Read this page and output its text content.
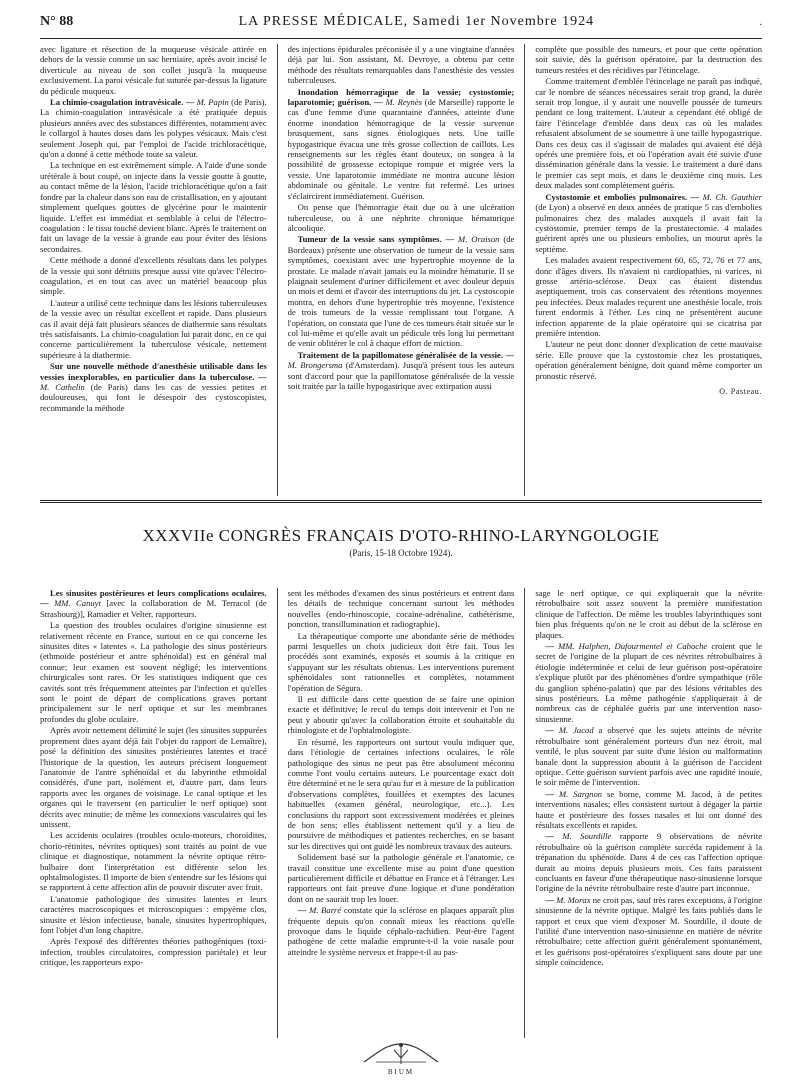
N° 88	LA PRESSE MÉDICALE, Samedi 1er Novembre 1924	.

avec ligature et résection de la muqueuse vésicale attirée en dehors de la vessie comme un sac herniaire, après avoir incisé le diverticule au niveau de son collet jusqu'à la muqueuse exclusivement. La paroi vésicale fut suturée par-dessus la ligature du pédicule muqueux.

La chimio-coagulation intravésicale. — M. Papin (de Paris). La chimio-coagulation intravésicale a été pratiquée depuis plusieurs années avec des substances différentes, notamment avec le collargol à hautes doses dans les polypes vésicaux. Mais c'est seulement Joseph qui, par l'emploi de l'acide trichloracétique, qu'on a donné à cette méthode toute sa valeur.

La technique en est extrêmement simple. A l'aide d'une sonde urétérale à bout coupé, on injecte dans la vessie goutte à goutte, au contact même de la lésion, l'acide trichloracétique qu'on a fait fondre par la chaleur dans son eau de cristallisation, en y ajoutant simplement quelques gouttes de glycérine pour le maintenir liquide. L'effet est immédiat et semblable à celui de l'électro-coagulation : le tissu touché devient blanc. Après le traitement on fait un lavage de la vessie à grande eau pour éviter des lésions secondaires.

Cette méthode a donné d'excellents résultats dans les polypes de la vessie qui sont détruits presque aussi vite qu'avec l'électro-coagulation, et en tout cas avec un matériel beaucoup plus simple.

L'auteur a utilisé cette technique dans les lésions tuberculeuses de la vessie avec un résultat excellent et rapide. Dans plusieurs cas il avait déjà fait plusieurs séances de diathermie sans résultats très satisfaisants. La chimio-coagulation lui parait donc, en ce qui concerne particulièrement la tuberculose vésicale, nettement supérieure à la diathermie.

Sur une nouvelle méthode d'anesthésie utilisable dans les vessies inexplorables, en particulier dans la tuberculose. — M. Cathelin (de Paris) dans les cas de vessies petites et douloureuses, qui font le désespoir des cystoscopistes, recommande la méthode

des injections épidurales préconisée il y a une vingtaine d'années déjà par lui. Son assistant, M. Devroye, a obtenu par cette méthode des résultats remarquables dans l'anesthésie des vessies tuberculeuses.

Inondation hémorragique de la vessie; cystostomie; laparotomie; guérison. — M. Reynès (de Marseille) rapporte le cas d'une femme d'une quarantaine d'années, atteinte d'une énorme inondation hémorragique de la vessie survenue brusquement, sans signes étiologiques nets. Une taille hypogastrique évacua une très grosse collection de caillots. Les renseignements sur les règles étant douteux, on songea à la possibilité de grossesse ectopique rompue et migrée vers la vessie. Une laparotomie immédiate ne montra aucune lésion abdominale ou génitale. Le ventre fut refermé. Les urines s'éclaircirent immédiatement. Guérison.

On pense que l'hémorragie était due ou à une ulcération tuberculeuse, ou à une néphrite chronique hématurique alcoolique.

Tumeur de la vessie sans symptômes. — M. Oraison (de Bordeaux) présente une observation de tumeur de la vessie sans symptômes, coexistant avec une hypertrophie moyenne de la prostate. Le malade n'avait jamais eu la moindre hématurie. Il se plaignait seulement d'uriner difficilement et avec douleur depuis un mois et demi et d'avoir des interruptions du jet. La cystoscopie montra, en dehors d'une hypertrophie très moyenne, l'existence de trois tumeurs de la vessie remplissant tout l'organe. A l'opération, on constata que l'une de ces tumeurs était située sur le col lui-même et qu'elle avait un pédicule très long lui permettant de venir oblitérer le col à chaque effort de miction.

Traitement de la papillomatose généralisée de la vessie. — M. Brongersma (d'Amsterdam). Jusqu'à présent tous les auteurs sont d'accord pour que la papillomatose généralisée de la vessie soit traitée par la taille hypogastrique avec extirpation aussi

complète que possible des tumeurs, et pour que cette opération soit suivie, dès la guérison opératoire, par la destruction des tumeurs restées et des récidives par l'étincelage.

Comme traitement d'emblée l'étincelage ne paraît pas indiqué, car le nombre de séances nécessaires serait trop grand, la durée serait trop longue, il y aurait une nouvelle poussée de tumeurs pendant ce long traitement. L'auteur a cependant été obligé de faire l'étincelage d'emblée dans deux cas où les malades refusaient absolument de se soumettre à une taille hypogastrique. Dans ces deux cas il s'agissait de malades qui avaient été déjà opérés une première fois, et où l'opération avait été suivie d'une dissémination générale dans la vessie. Le traitement a duré dans le premier cas sept mois, et dans le deuxième cinq mois. Les deux malades sont complètement guéris.

Cystostomie et embolies pulmonaires. — M. Ch. Gauthier (de Lyon) a observé en deux années de pratique 5 cas d'embolies pulmonaires chez des malades auxquels il avait fait la cystostomie, premier temps de la prostatectomie. 4 malades guérirent après une ou plusieurs embolies, un mourut après la septième.

Les malades avaient respectivement 60, 65, 72, 76 et 77 ans, donc d'âges divers. Ils n'avaient ni cardiopathies, ni varices, ni grosse artério-sclérose. Deux cas étaient distendus aseptiquement, trois cas conservaient des rétentions moyennes peu infectées. Deux malades reçurent une anesthésie locale, trois furent endormis à l'éther. Les cinq ne présentèrent aucune infection apparente de la plaie opératoire qui se cicatrisa par première intention.

L'auteur ne peut donc donner d'explication de cette mauvaise série. Elle prouve que la cystostomie chez les prostatiques, opération généralement bénigne, doit quand même comporter un pronostic réservé.

O. Pasteau.
XXXVIIe CONGRÈS FRANÇAIS D'OTO-RHINO-LARYNGOLOGIE
(Paris, 15-18 Octobre 1924).

Les sinusites postérieures et leurs complications oculaires. — MM. Canuyt [avec la collaboration de M. Terracol (de Strasbourg)], Ramadier et Velter, rapporteurs.

La question des troubles oculaires d'origine sinusienne est relativement récente en France, surtout en ce qui concerne les sinusites dites « latentes ». La pathologie des sinus postérieurs (ethmoïde postérieur et antre sphénoïdal) est en général mal connue; leur examen est souvent négligé; les interventions chirurgicales sont rares. Or les statistiques indiquent que ces cavités sont très fréquemment atteintes par l'infection et qu'elles sont le point de départ de complications graves portant principalement sur le nerf optique et sur les membranes profondes du globe oculaire.

Après avoir nettement délimité le sujet (les sinusites suppurées proprement dites ayant déjà fait l'objet du rapport de Lemaître), posé la définition des sinusites postérieures latentes et tracé l'historique de la question, les auteurs précisent longuement l'anatomie de l'antre sphénoïdal et du labyrinthe ethmoïdal considérés, d'une part, isolément et, d'autre part, dans leurs rapports avec les organes de voisinage. Le canal optique et les organes qui le traversent (en particulier le nerf optique) sont décrits avec minutie; de même les connexions vasculaires qui les unissent.

Les accidents oculaires (troubles oculo-moteurs, choroïdites, chorio-rétinites, névrites optiques) sont traités au point de vue clinique et diagnostique, notamment la névrite optique rétro-bulbaire dont l'interprétation est différente selon les ophtalmologistes. Il importe de bien s'entendre sur les lésions qui se rapportent à cette affection afin de pouvoir discuter avec fruit.

L'anatomie pathologique des sinusites latentes et leurs caractères macroscopiques et microscopiques : empyème clos, sinusite et lésion infectieuse, banale, sinusites hypertrophiques, font l'objet d'un long chapitre.

Après l'exposé des différentes théories pathogéniques (toxi-infection, troubles circulatoires, compression pariétale) et leur critique, les rapporteurs expo-

sent les méthodes d'examen des sinus postérieurs et entrent dans les détails de technique concernant surtout les méthodes nouvelles (endo-rhinoscopie, cocaïne-adrénaline, cathétérisme, ponction, transillumination et radiographie).

La thérapeutique comporte une abondante série de méthodes parmi lesquelles un choix judicieux doit être fait. Tous les procédés sont examinés, exposés et soumis à la critique en s'appuyant sur les résultats obtenus. Les interventions purement sphénoïdales sont rationnelles et complètes, notamment l'opération de Ségura.

Il est difficile dans cette question de se faire une opinion exacte et définitive; le recul du temps doit intervenir et l'on ne peut y aboutir qu'avec la collaboration étroite et souhaitable du rhinologiste et de l'ophtalmologiste.

En résumé, les rapporteurs ont surtout voulu indiquer que, dans l'étiologie de certaines infections oculaires, le rôle pathologique des sinus ne peut pas être absolument méconnu comme l'ont voulu certains auteurs. Le pourcentage exact doit être déterminé et ne le sera qu'au fur et à mesure de la publication d'observations complètes, fouillées et exemptes des lacunes habituelles (examen général, neurologique, etc...). Les conclusions du rapport sont excessivement modérées et pleines de bon sens; elles établissent nettement qu'il y a lieu de poursuivre de méthodiques et patientes recherches, en se basant sur les directives qui ont guidé les nombreux travaux des auteurs.

Solidement basé sur la pathologie générale et l'anatomie, ce travail constitue une excellente mise au point d'une question particulièrement difficile et débattue en France et à l'étranger. Les rapporteurs ont fait preuve d'une logique et d'une pondération dont on ne saurait trop les louer.

— M. Barré constate que la sclérose en plaques apparaît plus fréquente depuis qu'on connaît mieux les réactions qu'elle provoque dans le liquide céphalo-rachidien. Peut-être l'agent pathogène de cette maladie emprunte-t-il la voie nasale pour atteindre le système nerveux et frappe-t-il au pas-

sage le nerf optique, ce qui expliquerait que la névrite rétrobulbaire soit assez souvent la première manifestation clinique de l'affection. De même les troubles labyrinthiques sont bien plus fréquents qu'on ne le croit au début de la sclérose en plaques.

— MM. Halphen, Dufourmentel et Caboche croient que le secret de l'origine de la plupart de ces névrites rétrobulbaires à étiologie indéterminée et celui de leur guérison post-opératoire s'explique plutôt par des phénomènes d'ordre sympathique (rôle du ganglion sphéno-palatin) que par des lésions véritables des sinus postérieurs. La même pathogénie s'appliquerait à de nombreux cas de céphalée guéris par une intervention naso-sinusienne.

— M. Jacod a observé que les sujets atteints de névrite rétrobulbaire sont généralement porteurs d'un nez étroit, mal ventilé, le plus souvent par suite d'une lésion ou malformation banale dont la suppression aboutit à la guérison de l'accident optique. Cette guérison survient parfois avec une rapidité inouïe, le soir même de l'intervention.

— M. Sargnon se borne, comme M. Jacod, à de petites interventions nasales; elles consistent surtout à dégager la partie haute et postérieure des fosses nasales et lui ont donné des résultats excellents et rapides.

— M. Sourdille rapporte 9 observations de névrite rétrobulbaire où la guérison complète succéda rapidement à la trépanation du sphénoïde. Dans 4 de ces cas l'affection optique durait au moins depuis plusieurs mois. Ces faits paraissent concluants en faveur d'une thérapeutique naso-sinusienne lorsque l'origine de la névrite rétrobulbaire reste d'autre part inconnue.

— M. Morax ne croit pas, sauf très rares exceptions, à l'origine sinusienne de la névrite optique. Malgré les faits publiés dans le rapport et ceux que vient d'exposer M. Sourdille, il doute de l'utilité d'une intervention naso-sinusienne en matière de névrite rétrobulbaire; cette affection guérit généralement spontanément, et les guérisons post-opératoires s'expliquent sans doute par une simple coïncidence.

BIUM
